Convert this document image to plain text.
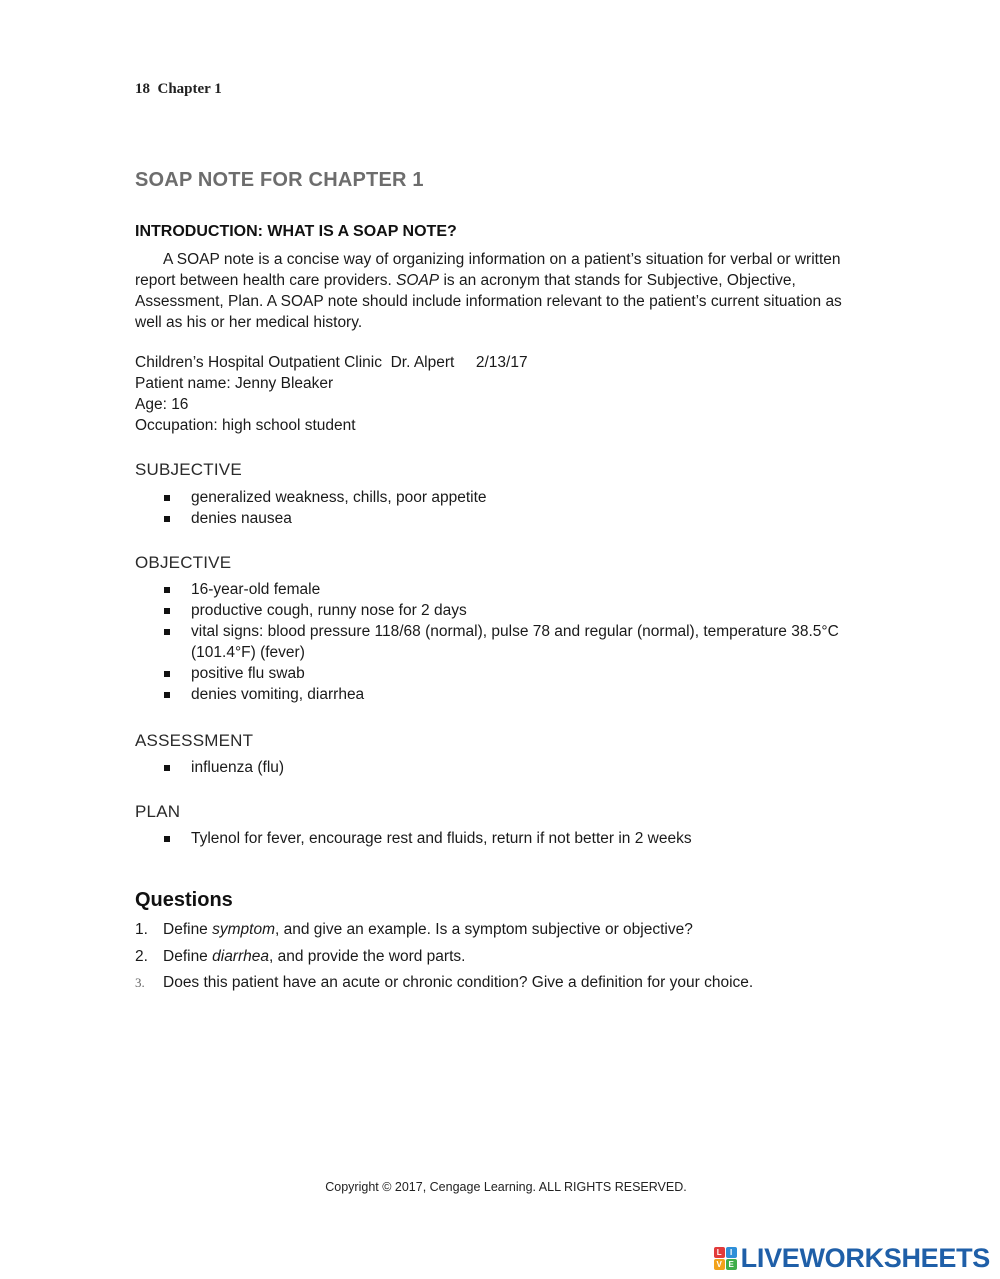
18 Chapter 1
SOAP NOTE FOR CHAPTER 1
INTRODUCTION: WHAT IS A SOAP NOTE?
A SOAP note is a concise way of organizing information on a patient’s situation for verbal or written report between health care providers. SOAP is an acronym that stands for Subjective, Objective, Assessment, Plan. A SOAP note should include information relevant to the patient’s current situation as well as his or her medical history.
Children’s Hospital Outpatient Clinic  Dr. Alpert     2/13/17
Patient name: Jenny Bleaker
Age: 16
Occupation: high school student
SUBJECTIVE
generalized weakness, chills, poor appetite
denies nausea
OBJECTIVE
16-year-old female
productive cough, runny nose for 2 days
vital signs: blood pressure 118/68 (normal), pulse 78 and regular (normal), temperature 38.5°C (101.4°F) (fever)
positive flu swab
denies vomiting, diarrhea
ASSESSMENT
influenza (flu)
PLAN
Tylenol for fever, encourage rest and fluids, return if not better in 2 weeks
Questions
1. Define symptom, and give an example. Is a symptom subjective or objective?
2. Define diarrhea, and provide the word parts.
3. Does this patient have an acute or chronic condition? Give a definition for your choice.
Copyright © 2017, Cengage Learning. ALL RIGHTS RESERVED.
L	I
V E LIVEWORKSHEETS
